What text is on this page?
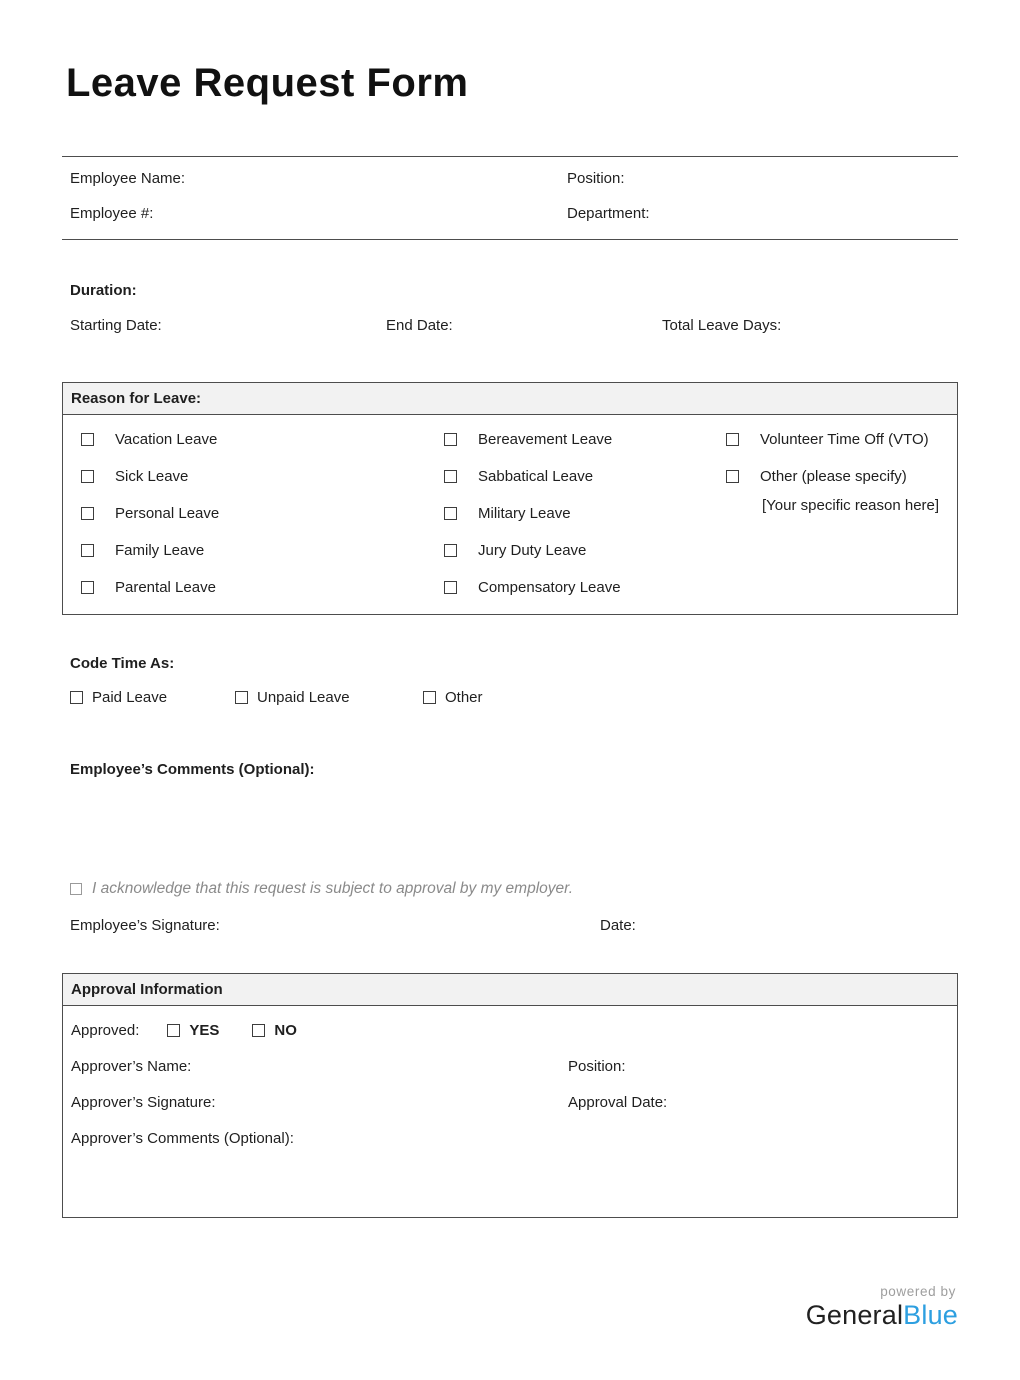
Leave Request Form
Employee Name:	Position:
Employee #:	Department:
Duration:
Starting Date:	End Date:	Total Leave Days:
Reason for Leave:
Vacation Leave
Sick Leave
Personal Leave
Family Leave
Parental Leave
Bereavement Leave
Sabbatical Leave
Military Leave
Jury Duty Leave
Compensatory Leave
Volunteer Time Off (VTO)
Other (please specify)
[Your specific reason here]
Code Time As:
Paid Leave	Unpaid Leave	Other
Employee’s Comments (Optional):
I acknowledge that this request is subject to approval by my employer.
Employee’s Signature:	Date:
Approval Information
Approved:	YES	NO
Approver’s Name:	Position:
Approver’s Signature:	Approval Date:
Approver’s Comments (Optional):
powered by
GeneralBlue
